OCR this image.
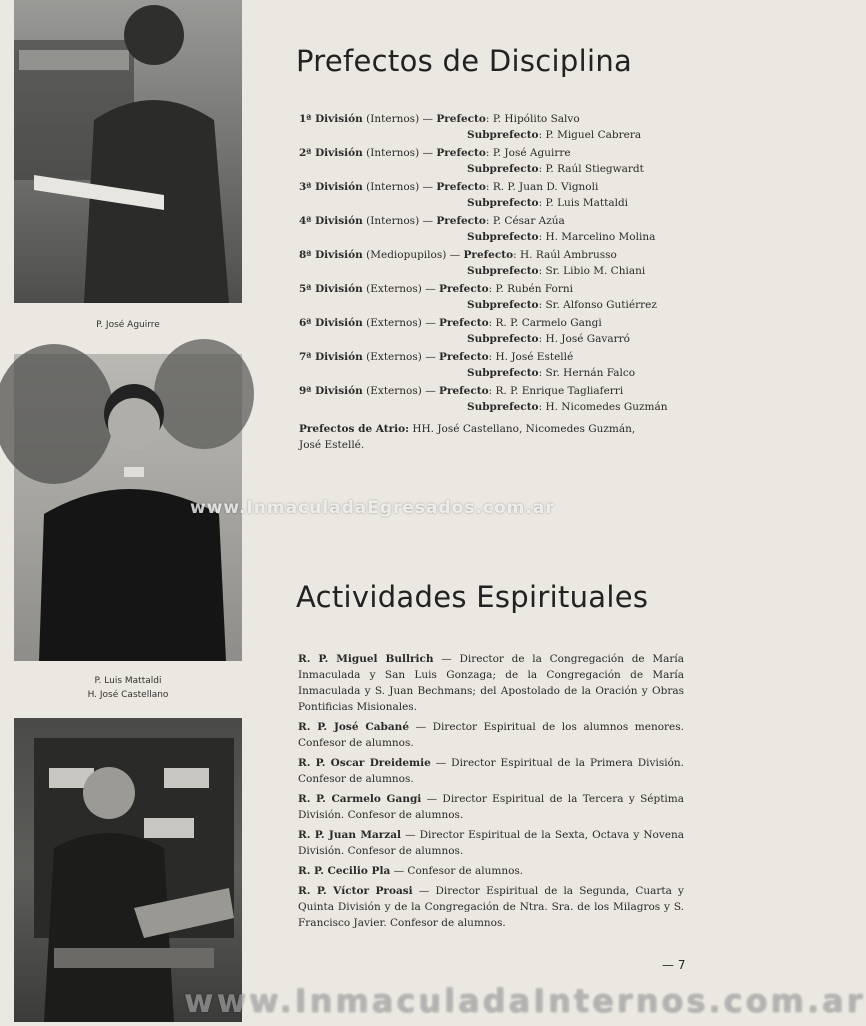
P. José Aguirre
P. Luis Mattaldi
H. José Castellano
Prefectos de Disciplina
1ª División (Internos) — Prefecto: P. Hipólito Salvo
Subprefecto: P. Miguel Cabrera
2ª División (Internos) — Prefecto: P. José Aguirre
Subprefecto: P. Raúl Stiegwardt
3ª División (Internos) — Prefecto: R. P. Juan D. Vignoli
Subprefecto: P. Luis Mattaldi
4ª División (Internos) — Prefecto: P. César Azúa
Subprefecto: H. Marcelino Molina
8ª División (Mediopupilos) — Prefecto: H. Raúl Ambrusso
Subprefecto: Sr. Libio M. Chiani
5ª División (Externos) — Prefecto: P. Rubén Forni
Subprefecto: Sr. Alfonso Gutiérrez
6ª División (Externos) — Prefecto: R. P. Carmelo Gangi
Subprefecto: H. José Gavarró
7ª División (Externos) — Prefecto: H. José Estellé
Subprefecto: Sr. Hernán Falco
9ª División (Externos) — Prefecto: R. P. Enrique Tagliaferri
Subprefecto: H. Nicomedes Guzmán
Prefectos de Atrio: HH. José Castellano, Nicomedes Guzmán,
José Estellé.
Actividades Espirituales

R. P. Miguel Bullrich — Director de la Congregación de María Inmaculada y San Luis Gonzaga; de la Congregación de María Inmaculada y S. Juan Bechmans; del Apostolado de la Oración y Obras Pontificias Misionales.

R. P. José Cabané — Director Espiritual de los alumnos menores. Confesor de alumnos.

R. P. Oscar Dreidemie — Director Espiritual de la Primera División. Confesor de alumnos.

R. P. Carmelo Gangi — Director Espiritual de la Tercera y Séptima División. Confesor de alumnos.

R. P. Juan Marzal — Director Espiritual de la Sexta, Octava y Novena División. Confesor de alumnos.

R. P. Cecilio Pla — Confesor de alumnos.

R. P. Víctor Proasi — Director Espiritual de la Segunda, Cuarta y Quinta División y de la Congregación de Ntra. Sra. de los Milagros y S. Francisco Javier. Confesor de alumnos.

— 7
www.InmaculadaEgresados.com.ar
www.InmaculadaInternos.com.ar
